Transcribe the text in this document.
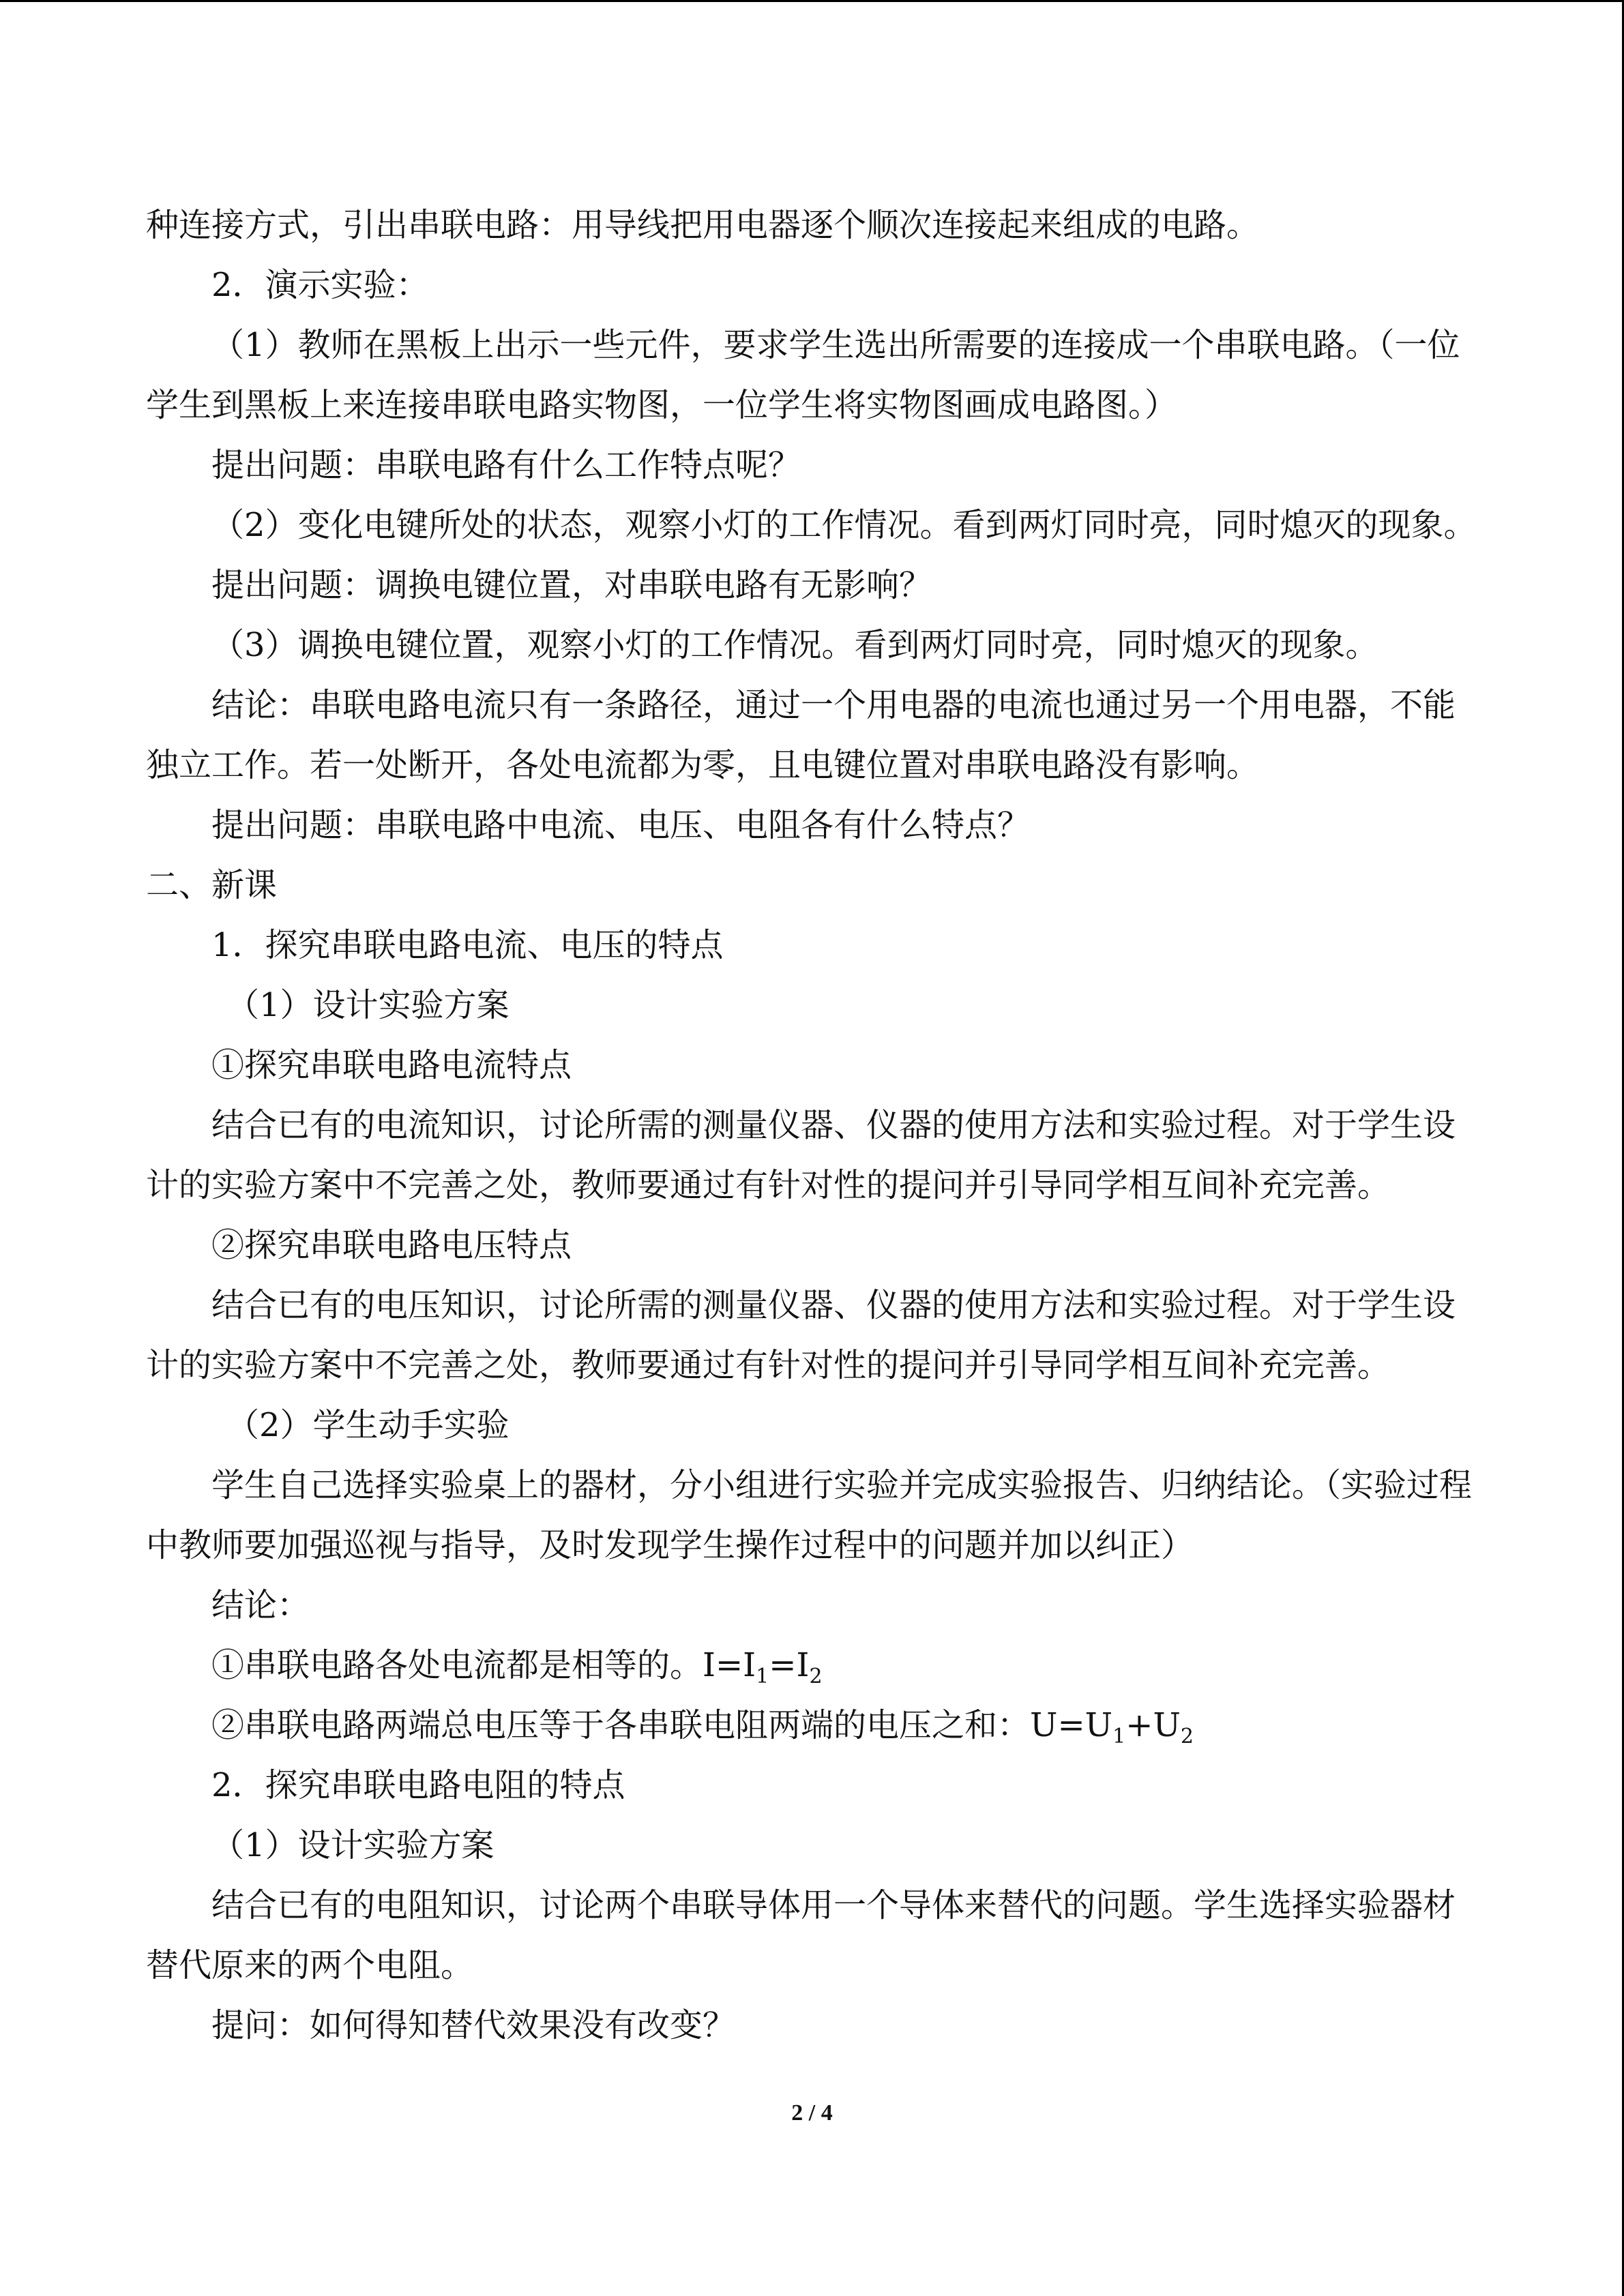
种连接方式，引出串联电路：用导线把用电器逐个顺次连接起来组成的电路。
2．演示实验：
（1）教师在黑板上出示一些元件，要求学生选出所需要的连接成一个串联电路。（一位
学生到黑板上来连接串联电路实物图，一位学生将实物图画成电路图。）
提出问题：串联电路有什么工作特点呢？
（2）变化电键所处的状态，观察小灯的工作情况。看到两灯同时亮，同时熄灭的现象。
提出问题：调换电键位置，对串联电路有无影响？
（3）调换电键位置，观察小灯的工作情况。看到两灯同时亮，同时熄灭的现象。
结论：串联电路电流只有一条路径，通过一个用电器的电流也通过另一个用电器，不能
独立工作。若一处断开，各处电流都为零，且电键位置对串联电路没有影响。
提出问题：串联电路中电流、电压、电阻各有什么特点？
二、新课
1．探究串联电路电流、电压的特点
（1）设计实验方案
①探究串联电路电流特点
结合已有的电流知识，讨论所需的测量仪器、仪器的使用方法和实验过程。对于学生设
计的实验方案中不完善之处，教师要通过有针对性的提问并引导同学相互间补充完善。
②探究串联电路电压特点
结合已有的电压知识，讨论所需的测量仪器、仪器的使用方法和实验过程。对于学生设
计的实验方案中不完善之处，教师要通过有针对性的提问并引导同学相互间补充完善。
（2）学生动手实验
学生自己选择实验桌上的器材，分小组进行实验并完成实验报告、归纳结论。（实验过程
中教师要加强巡视与指导，及时发现学生操作过程中的问题并加以纠正）
结论：
①串联电路各处电流都是相等的。$I=I_1=I_2$
②串联电路两端总电压等于各串联电阻两端的电压之和：$U=U_1+U_2$
2．探究串联电路电阻的特点
（1）设计实验方案
结合已有的电阻知识，讨论两个串联导体用一个导体来替代的问题。学生选择实验器材
替代原来的两个电阻。
提问：如何得知替代效果没有改变？
2 / 4
